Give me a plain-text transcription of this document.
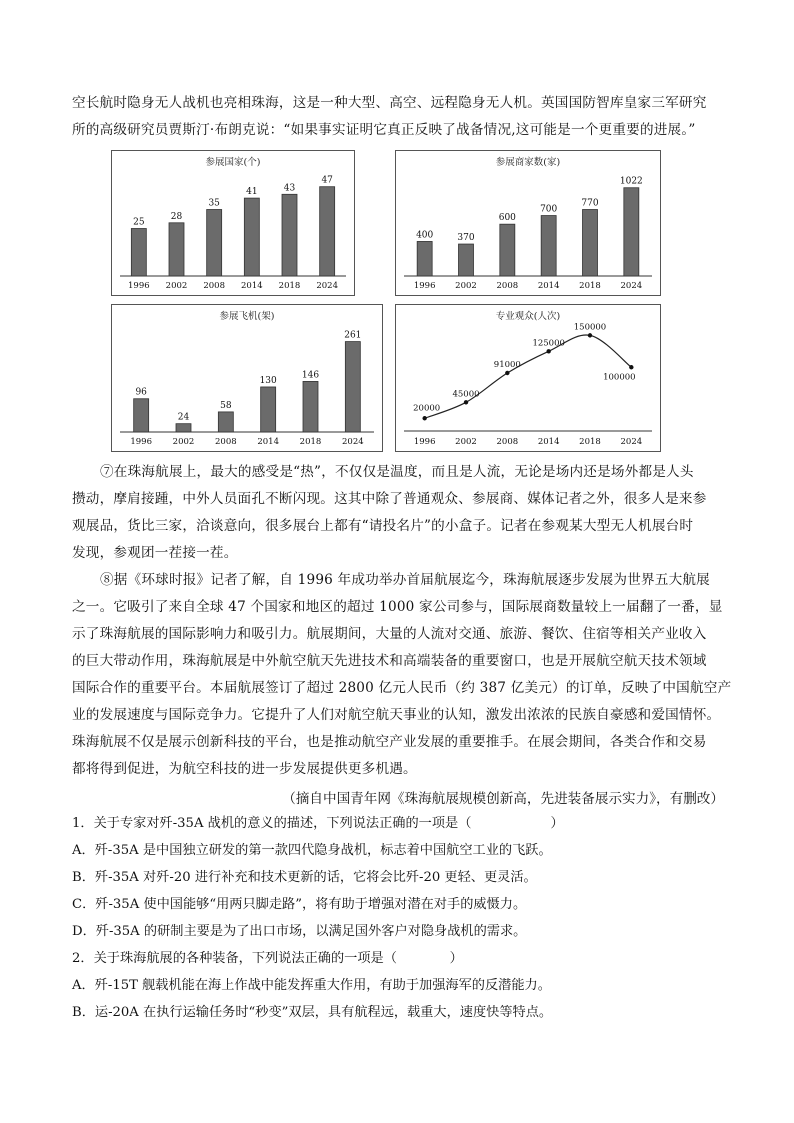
空长航时隐身无人战机也亮相珠海，这是一种大型、高空、远程隐身无人机。英国国防智库皇家三军研究
所的高级研究员贾斯汀·布朗克说：“如果事实证明它真正反映了战备情况,这可能是一个更重要的进展。”
参展国家(个)
25
1996
28
2002
35
2008
41
2014
43
2018
47
2024
参展商家数(家)
400
1996
370
2002
600
2008
700
2014
770
2018
1022
2024
参展飞机(架)
96
1996
24
2002
58
2008
130
2014
146
2018
261
2024
专业观众(人次)
20000
1996
45000
2002
91000
2008
125000
2014
150000
2018
100000
2024
⑦在珠海航展上，最大的感受是“热”，不仅仅是温度，而且是人流，无论是场内还是场外都是人头
攒动，摩肩接踵，中外人员面孔不断闪现。这其中除了普通观众、参展商、媒体记者之外，很多人是来参
观展品，货比三家，洽谈意向，很多展台上都有“请投名片”的小盒子。记者在参观某大型无人机展台时
发现，参观团一茬接一茬。
⑧据《环球时报》记者了解，自 1996 年成功举办首届航展迄今，珠海航展逐步发展为世界五大航展
之一。它吸引了来自全球 47 个国家和地区的超过 1000 家公司参与，国际展商数量较上一届翻了一番，显
示了珠海航展的国际影响力和吸引力。航展期间，大量的人流对交通、旅游、餐饮、住宿等相关产业收入
的巨大带动作用，珠海航展是中外航空航天先进技术和高端装备的重要窗口，也是开展航空航天技术领域
国际合作的重要平台。本届航展签订了超过 2800 亿元人民币（约 387 亿美元）的订单，反映了中国航空产
业的发展速度与国际竞争力。它提升了人们对航空航天事业的认知，激发出浓浓的民族自豪感和爱国情怀。
珠海航展不仅是展示创新科技的平台，也是推动航空产业发展的重要推手。在展会期间，各类合作和交易
都将得到促进，为航空科技的进一步发展提供更多机遇。
（摘自中国青年网《珠海航展规模创新高，先进装备展示实力》，有删改）
1．关于专家对歼-35A 战机的意义的描述，下列说法正确的一项是（　　　　　　）
A．歼-35A 是中国独立研发的第一款四代隐身战机，标志着中国航空工业的飞跃。
B．歼-35A 对歼-20 进行补充和技术更新的话，它将会比歼-20 更轻、更灵活。
C．歼-35A 使中国能够“用两只脚走路”，将有助于增强对潜在对手的威慑力。
D．歼-35A 的研制主要是为了出口市场，以满足国外客户对隐身战机的需求。
2．关于珠海航展的各种装备，下列说法正确的一项是（　　　　）
A．歼-15T 舰载机能在海上作战中能发挥重大作用，有助于加强海军的反潜能力。
B．运-20A 在执行运输任务时“秒变”双层，具有航程远，载重大，速度快等特点。
